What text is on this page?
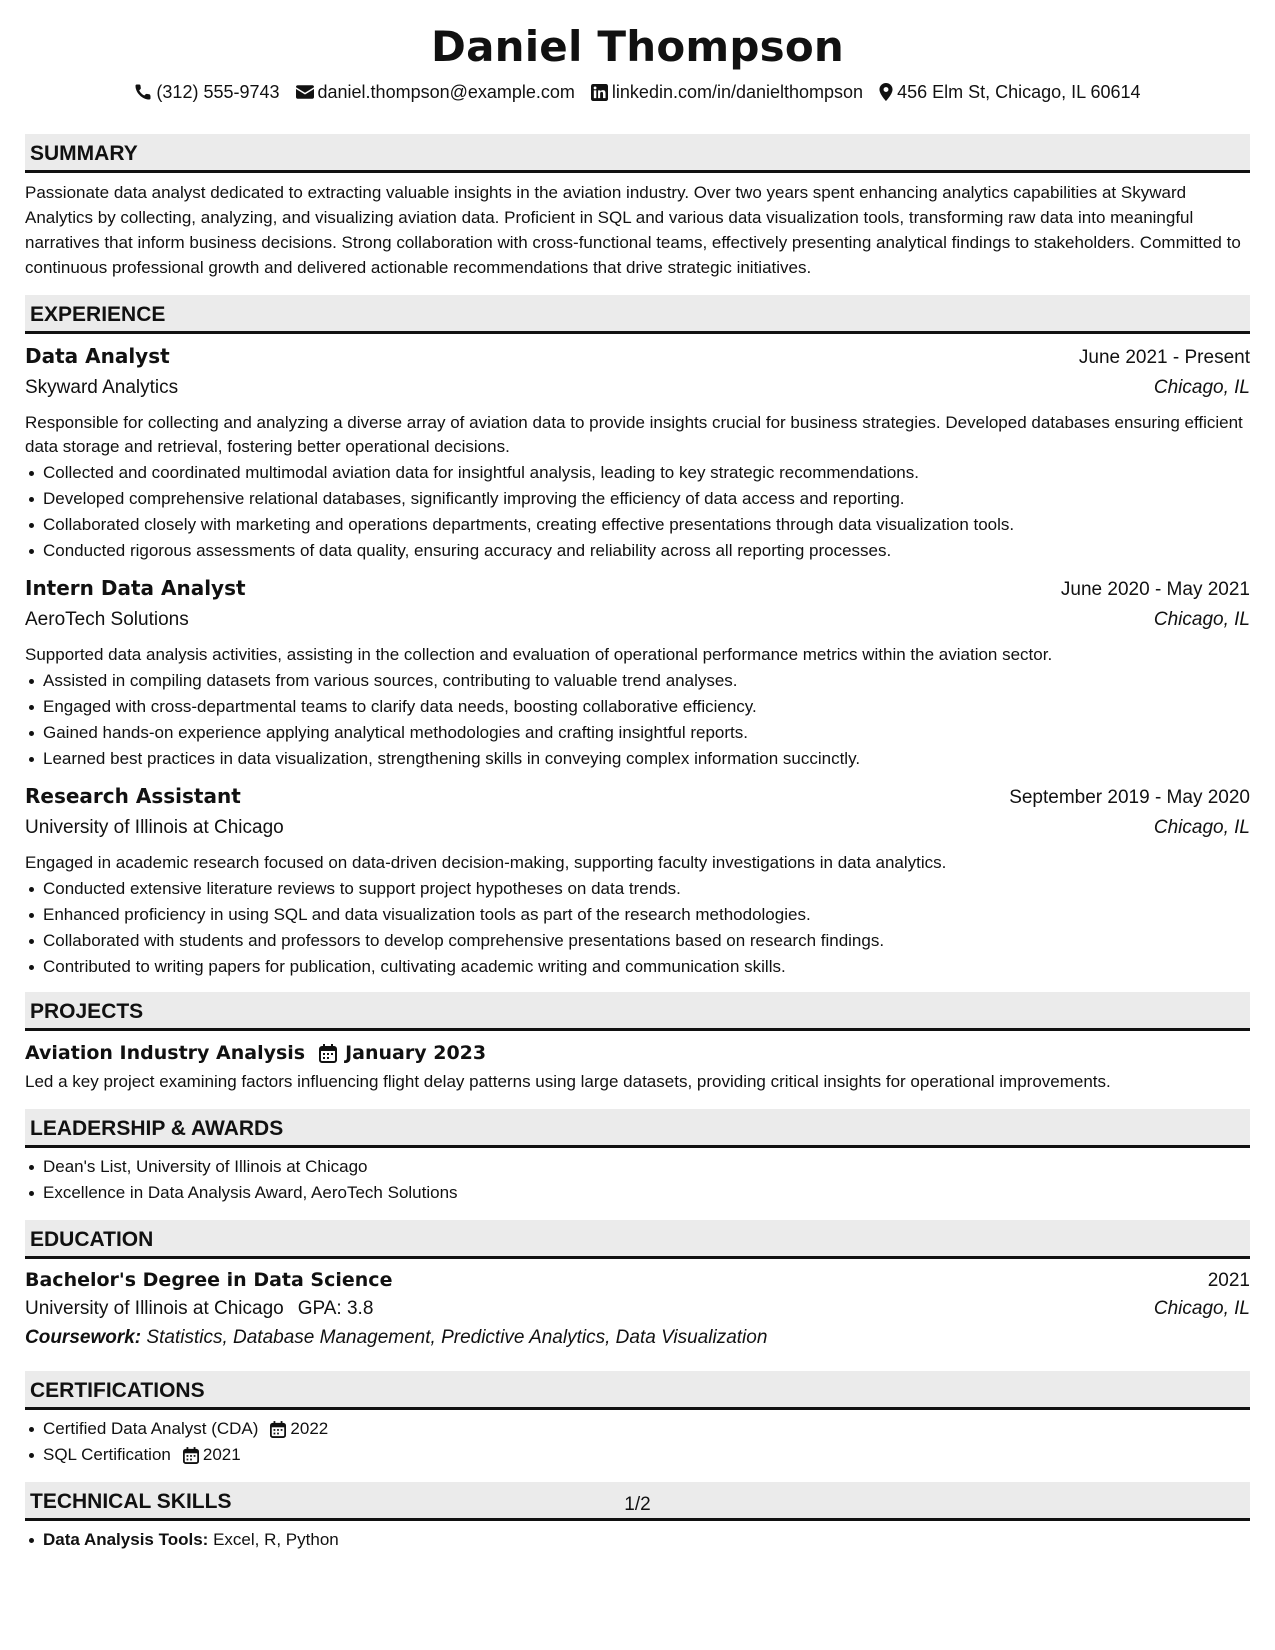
Daniel Thompson
(312) 555-9743 daniel.thompson@example.com linkedin.com/in/danielthompson 456 Elm St, Chicago, IL 60614
SUMMARY
Passionate data analyst dedicated to extracting valuable insights in the aviation industry. Over two years spent enhancing analytics capabilities at Skyward Analytics by collecting, analyzing, and visualizing aviation data. Proficient in SQL and various data visualization tools, transforming raw data into meaningful narratives that inform business decisions. Strong collaboration with cross-functional teams, effectively presenting analytical findings to stakeholders. Committed to continuous professional growth and delivered actionable recommendations that drive strategic initiatives.
EXPERIENCE
Data Analyst	June 2021 - Present
Skyward Analytics	Chicago, IL
Responsible for collecting and analyzing a diverse array of aviation data to provide insights crucial for business strategies. Developed databases ensuring efficient data storage and retrieval, fostering better operational decisions.
Collected and coordinated multimodal aviation data for insightful analysis, leading to key strategic recommendations.
Developed comprehensive relational databases, significantly improving the efficiency of data access and reporting.
Collaborated closely with marketing and operations departments, creating effective presentations through data visualization tools.
Conducted rigorous assessments of data quality, ensuring accuracy and reliability across all reporting processes.
Intern Data Analyst	June 2020 - May 2021
AeroTech Solutions	Chicago, IL
Supported data analysis activities, assisting in the collection and evaluation of operational performance metrics within the aviation sector.
Assisted in compiling datasets from various sources, contributing to valuable trend analyses.
Engaged with cross-departmental teams to clarify data needs, boosting collaborative efficiency.
Gained hands-on experience applying analytical methodologies and crafting insightful reports.
Learned best practices in data visualization, strengthening skills in conveying complex information succinctly.
Research Assistant	September 2019 - May 2020
University of Illinois at Chicago	Chicago, IL
Engaged in academic research focused on data-driven decision-making, supporting faculty investigations in data analytics.
Conducted extensive literature reviews to support project hypotheses on data trends.
Enhanced proficiency in using SQL and data visualization tools as part of the research methodologies.
Collaborated with students and professors to develop comprehensive presentations based on research findings.
Contributed to writing papers for publication, cultivating academic writing and communication skills.
PROJECTS
Aviation Industry Analysis January 2023
Led a key project examining factors influencing flight delay patterns using large datasets, providing critical insights for operational improvements.
LEADERSHIP & AWARDS
Dean's List, University of Illinois at Chicago
Excellence in Data Analysis Award, AeroTech Solutions
EDUCATION
Bachelor's Degree in Data Science	2021
University of Illinois at Chicago GPA: 3.8	Chicago, IL
Coursework: Statistics, Database Management, Predictive Analytics, Data Visualization
CERTIFICATIONS
Certified Data Analyst (CDA) 2022
SQL Certification 2021
TECHNICAL SKILLS
Data Analysis Tools: Excel, R, Python
1/2
